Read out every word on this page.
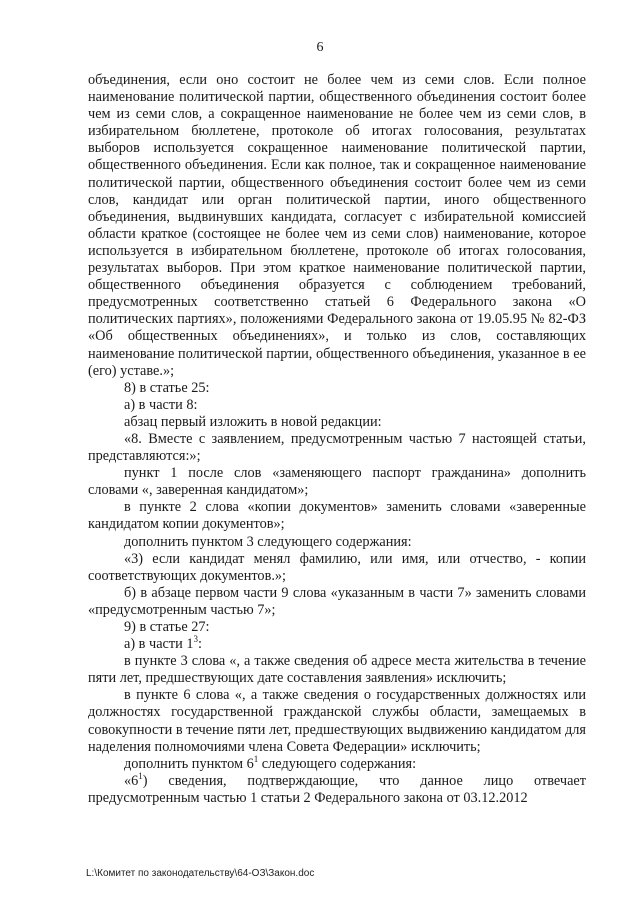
6

объединения, если оно состоит не более чем из семи слов. Если полное наименование политической партии, общественного объединения состоит более чем из семи слов, а сокращенное наименование не более чем из семи слов, в избирательном бюллетене, протоколе об итогах голосования, результатах выборов используется сокращенное наименование политической партии, общественного объединения. Если как полное, так и сокращенное наименование политической партии, общественного объединения состоит более чем из семи слов, кандидат или орган политической партии, иного общественного объединения, выдвинувших кандидата, согласует с избирательной комиссией области краткое (состоящее не более чем из семи слов) наименование, которое используется в избирательном бюллетене, протоколе об итогах голосования, результатах выборов. При этом краткое наименование политической партии, общественного объединения образуется с соблюдением требований, предусмотренных соответственно статьей 6 Федерального закона «О политических партиях», положениями Федерального закона от 19.05.95 № 82-ФЗ «Об общественных объединениях», и только из слов, составляющих наименование политической партии, общественного объединения, указанное в ее (его) уставе.»;

8) в статье 25:

а) в части 8:

абзац первый изложить в новой редакции:

«8. Вместе с заявлением, предусмотренным частью 7 настоящей статьи, представляются:»;

пункт 1 после слов «заменяющего паспорт гражданина» дополнить словами «, заверенная кандидатом»;

в пункте 2 слова «копии документов» заменить словами «заверенные кандидатом копии документов»;

дополнить пунктом 3 следующего содержания:

«3) если кандидат менял фамилию, или имя, или отчество, - копии соответствующих документов.»;

б) в абзаце первом части 9 слова «указанным в части 7» заменить словами «предусмотренным частью 7»;

9) в статье 27:

а) в части $1^3$:

в пункте 3 слова «, а также сведения об адресе места жительства в течение пяти лет, предшествующих дате составления заявления» исключить;

в пункте 6 слова «, а также сведения о государственных должностях или должностях государственной гражданской службы области, замещаемых в совокупности в течение пяти лет, предшествующих выдвижению кандидатом для наделения полномочиями члена Совета Федерации» исключить;

дополнить пунктом $6^1$ следующего содержания:

«$6^1$) сведения, подтверждающие, что данное лицо отвечает предусмотренным частью 1 статьи 2 Федерального закона от 03.12.2012

L:\Комитет по законодательству\64-ОЗ\Закон.doc
